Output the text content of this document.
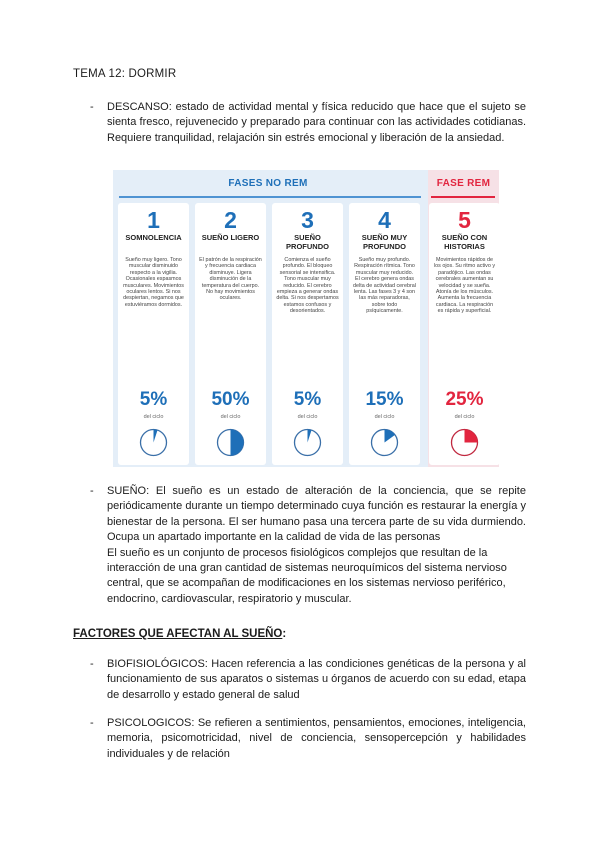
TEMA 12: DORMIR
- DESCANSO: estado de actividad mental y física reducido que hace que el sujeto se sienta fresco, rejuvenecido y preparado para continuar con las actividades cotidianas. Requiere tranquilidad, relajación sin estrés emocional y liberación de la ansiedad.

FASES NO REM	FASE REM
1
SOMNOLENCIA
Sueño muy ligero. Tono muscular disminuido respecto a la vigilia. Ocasionales espasmos musculares. Movimientos oculares lentos. Si nos despiertan, negamos que estuviéramos dormidos.
5%
del ciclo
2
SUEÑO LIGERO
El patrón de la respiración y frecuencia cardiaca disminuye. Ligera disminución de la temperatura del cuerpo. No hay movimientos oculares.
50%
del ciclo
3
SUEÑO PROFUNDO
Comienza el sueño profundo. El bloqueo sensorial se intensifica. Tono muscular muy reducido. El cerebro empieza a generar ondas delta. Si nos despertamos estamos confusos y desorientados.
5%
del ciclo
4
SUEÑO MUY PROFUNDO
Sueño muy profundo. Respiración rítmica. Tono muscular muy reducido. El cerebro genera ondas delta de actividad cerebral lenta. Las fases 3 y 4 son las más reparadoras, sobre todo psíquicamente.
15%
del ciclo
5
SUEÑO CON HISTORIAS
Movimientos rápidos de los ojos. Su ritmo activo y paradójico. Las ondas cerebrales aumentan su velocidad y se sueña. Atonía de los músculos. Aumenta la frecuencia cardiaca. La respiración es rápida y superficial.
25%
del ciclo
- SUEÑO: El sueño es un estado de alteración de la conciencia, que se repite periódicamente durante un tiempo determinado cuya función es restaurar la energía y bienestar de la persona. El ser humano pasa una tercera parte de su vida durmiendo. Ocupa un apartado importante en la calidad de vida de las personas

El sueño es un conjunto de procesos fisiológicos complejos que resultan de la interacción de una gran cantidad de sistemas neuroquímicos del sistema nervioso central, que se acompañan de modificaciones en los sistemas nervioso periférico, endocrino, cardiovascular, respiratorio y muscular.

FACTORES QUE AFECTAN AL SUEÑO:
- BIOFISIOLÓGICOS: Hacen referencia a las condiciones genéticas de la persona y al funcionamiento de sus aparatos o sistemas u órganos de acuerdo con su edad, etapa de desarrollo y estado general de salud

- PSICOLOGICOS: Se refieren a sentimientos, pensamientos, emociones, inteligencia, memoria, psicomotricidad, nivel de conciencia, sensopercepción y habilidades individuales y de relación
